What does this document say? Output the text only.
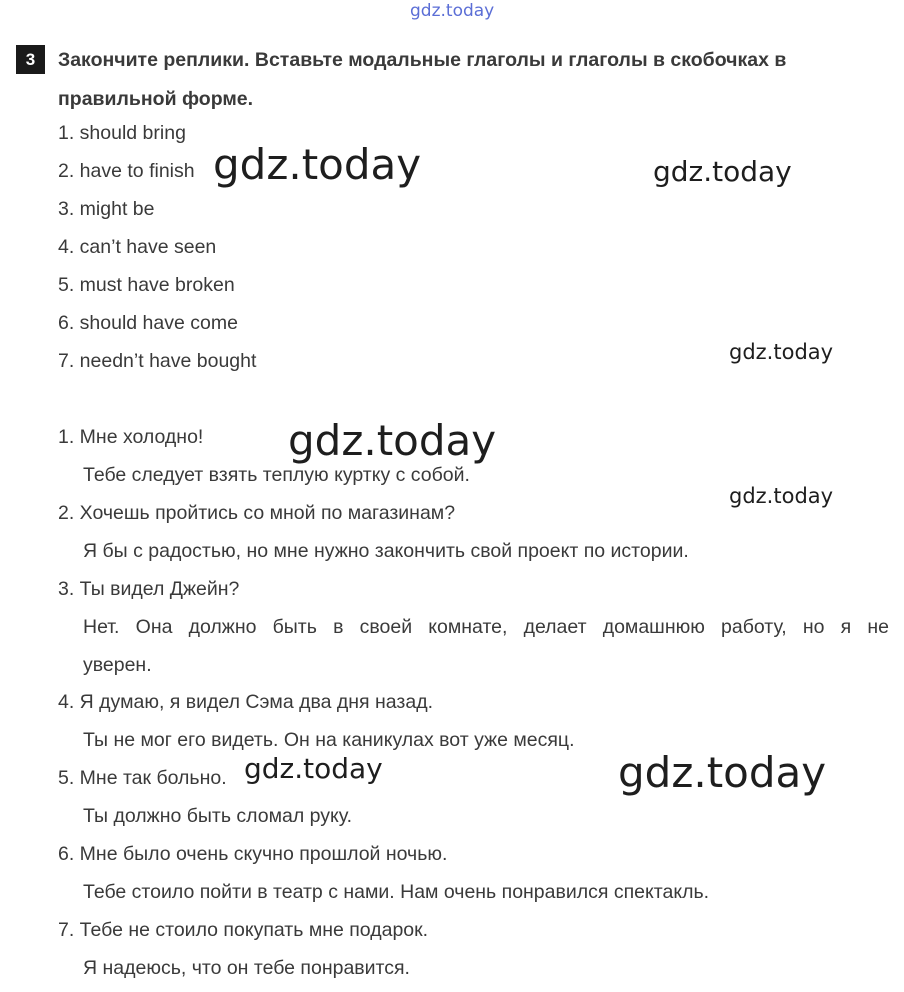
gdz.today
gdz.today	gdz.today
gdz.today
gdz.today
gdz.today
gdz.today	gdz.today
3	Закончите реплики. Вставьте модальные глаголы и глаголы в скобочках в правильной форме.
1. should bring
2. have to finish
3. might be
4. can’t have seen
5. must have broken
6. should have come
7. needn’t have bought
1. Мне холодно!
Тебе следует взять теплую куртку с собой.
2. Хочешь пройтись со мной по магазинам?
Я бы с радостью, но мне нужно закончить свой проект по истории.
3. Ты видел Джейн?
Нет. Она должно быть в своей комнате, делает домашнюю работу, но я не
уверен.
4. Я думаю, я видел Сэма два дня назад.
Ты не мог его видеть. Он на каникулах вот уже месяц.
5. Мне так больно.
Ты должно быть сломал руку.
6. Мне было очень скучно прошлой ночью.
Тебе стоило пойти в театр с нами. Нам очень понравился спектакль.
7. Тебе не стоило покупать мне подарок.
Я надеюсь, что он тебе понравится.
